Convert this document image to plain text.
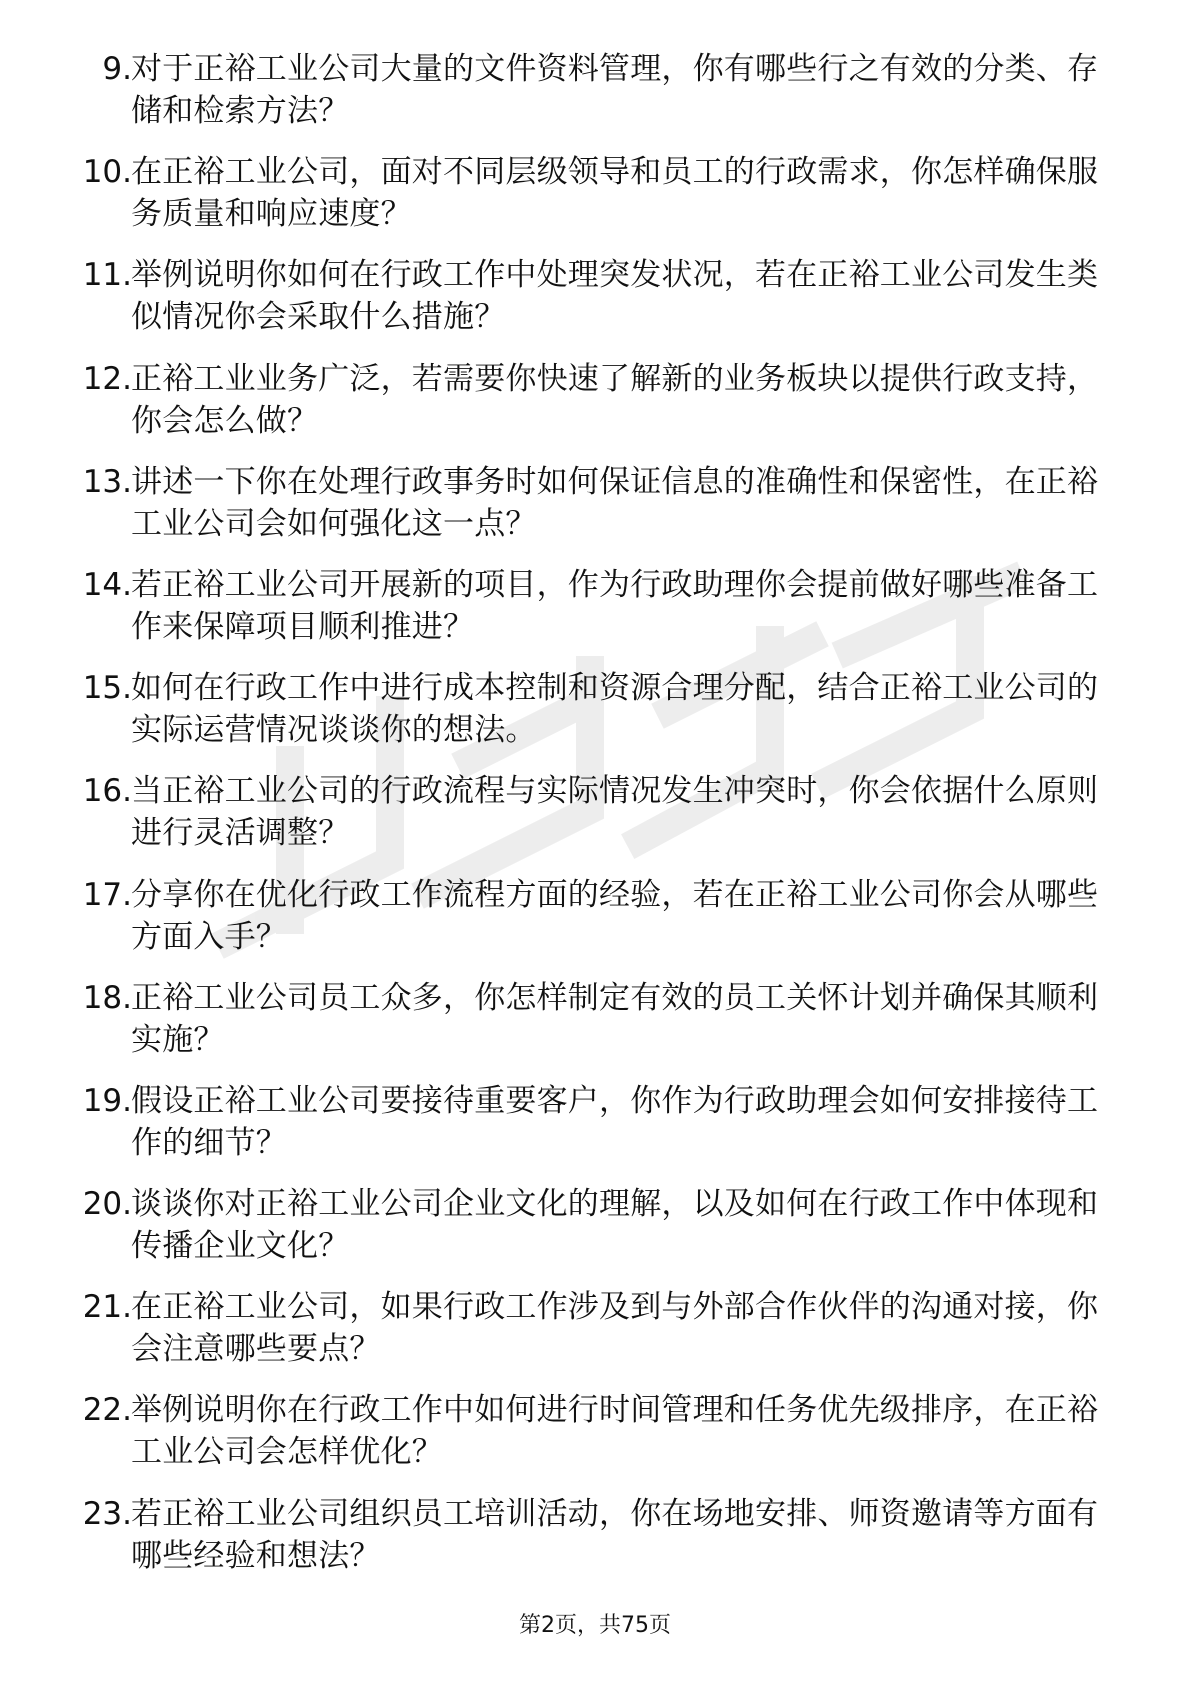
9. 对于正裕工业公司大量的文件资料管理，你有哪些行之有效的分类、存储和检索方法？
10. 在正裕工业公司，面对不同层级领导和员工的行政需求，你怎样确保服务质量和响应速度？
11. 举例说明你如何在行政工作中处理突发状况，若在正裕工业公司发生类似情况你会采取什么措施？
12. 正裕工业业务广泛，若需要你快速了解新的业务板块以提供行政支持，你会怎么做？
13. 讲述一下你在处理行政事务时如何保证信息的准确性和保密性，在正裕工业公司会如何强化这一点？
14. 若正裕工业公司开展新的项目，作为行政助理你会提前做好哪些准备工作来保障项目顺利推进？
15. 如何在行政工作中进行成本控制和资源合理分配，结合正裕工业公司的实际运营情况谈谈你的想法。
16. 当正裕工业公司的行政流程与实际情况发生冲突时，你会依据什么原则进行灵活调整？
17. 分享你在优化行政工作流程方面的经验，若在正裕工业公司你会从哪些方面入手？
18. 正裕工业公司员工众多，你怎样制定有效的员工关怀计划并确保其顺利实施？
19. 假设正裕工业公司要接待重要客户，你作为行政助理会如何安排接待工作的细节？
20. 谈谈你对正裕工业公司企业文化的理解，以及如何在行政工作中体现和传播企业文化？
21. 在正裕工业公司，如果行政工作涉及到与外部合作伙伴的沟通对接，你会注意哪些要点？
22. 举例说明你在行政工作中如何进行时间管理和任务优先级排序，在正裕工业公司会怎样优化？
23. 若正裕工业公司组织员工培训活动，你在场地安排、师资邀请等方面有哪些经验和想法？
第2页，共75页
